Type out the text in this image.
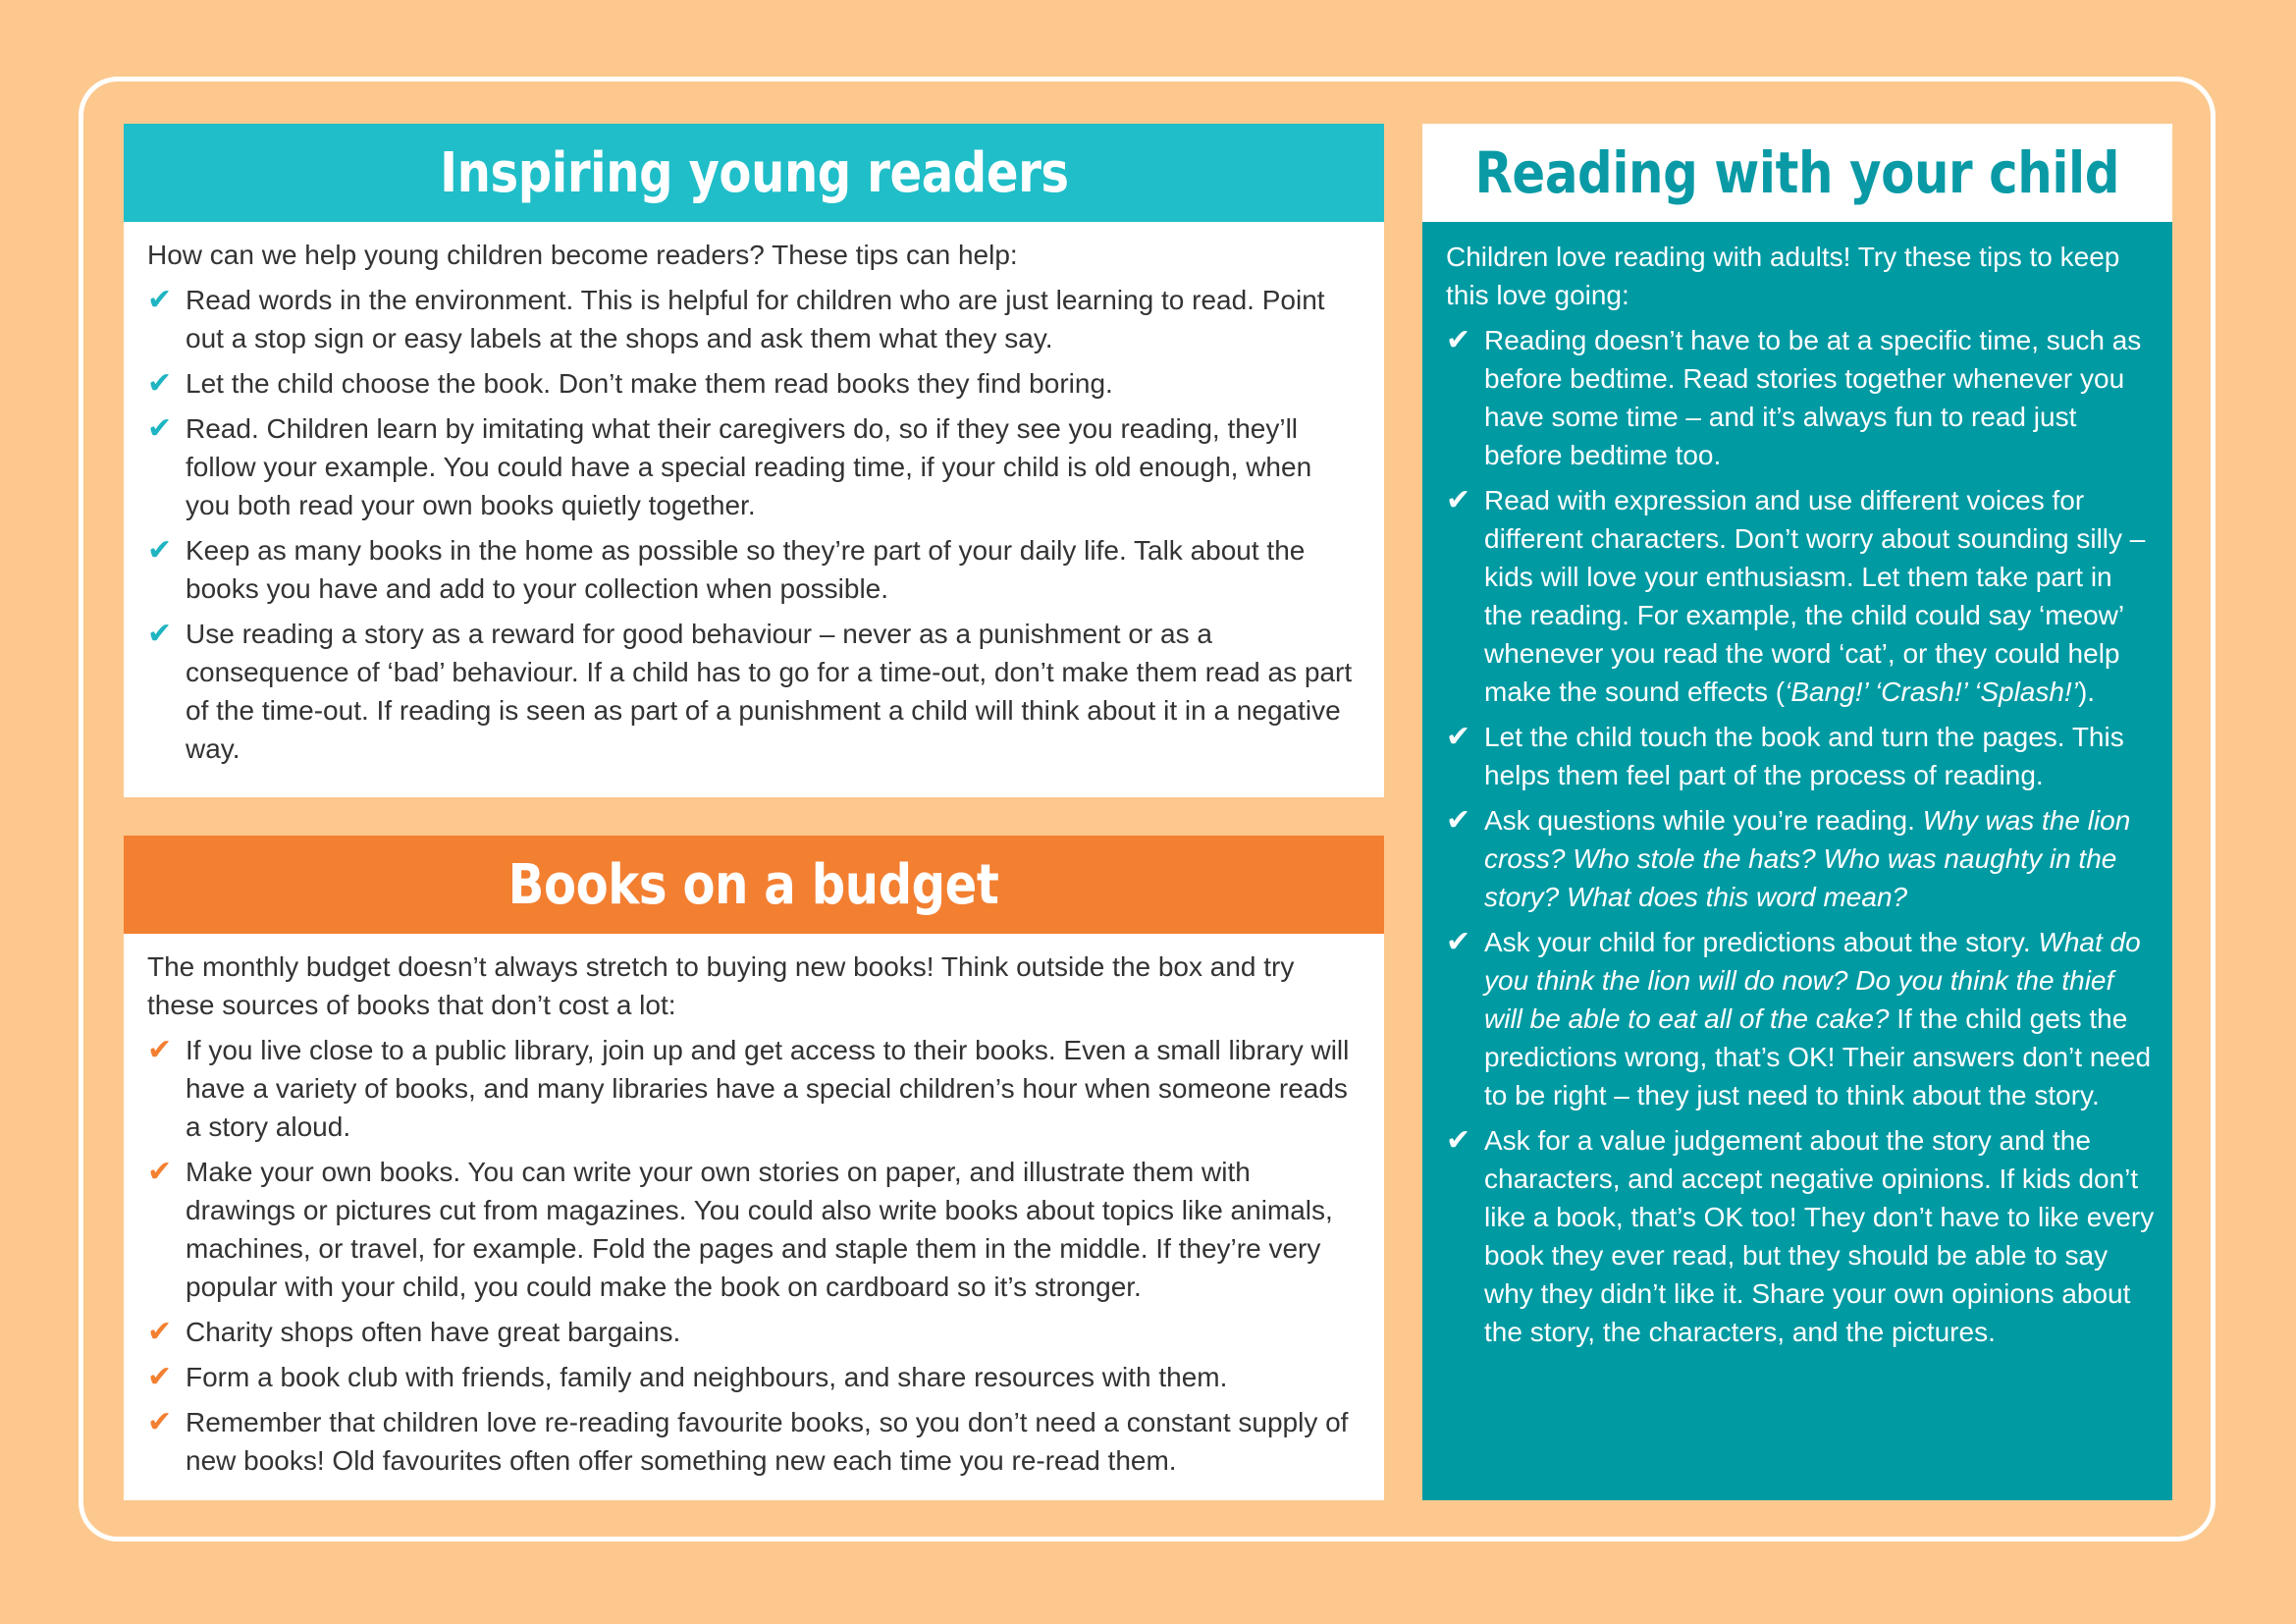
Inspiring young readers

How can we help young children become readers? These tips can help:

✔ Read words in the environment. This is helpful for children who are just learning to read. Point out a stop sign or easy labels at the shops and ask them what they say.
✔ Let the child choose the book. Don’t make them read books they find boring.
✔ Read. Children learn by imitating what their caregivers do, so if they see you reading, they’ll follow your example. You could have a special reading time, if your child is old enough, when you both read your own books quietly together.
✔ Keep as many books in the home as possible so they’re part of your daily life. Talk about the books you have and add to your collection when possible.
✔ Use reading a story as a reward for good behaviour – never as a punishment or as a consequence of ‘bad’ behaviour. If a child has to go for a time-out, don’t make them read as part of the time-out. If reading is seen as part of a punishment a child will think about it in a negative way.
Books on a budget

The monthly budget doesn’t always stretch to buying new books! Think outside the box and try these sources of books that don’t cost a lot:

✔ If you live close to a public library, join up and get access to their books. Even a small library will have a variety of books, and many libraries have a special children’s hour when someone reads a story aloud.
✔ Make your own books. You can write your own stories on paper, and illustrate them with drawings or pictures cut from magazines. You could also write books about topics like animals, machines, or travel, for example. Fold the pages and staple them in the middle. If they’re very popular with your child, you could make the book on cardboard so it’s stronger.
✔ Charity shops often have great bargains.
✔ Form a book club with friends, family and neighbours, and share resources with them.
✔ Remember that children love re-reading favourite books, so you don’t need a constant supply of new books! Old favourites often offer something new each time you re-read them.
Reading with your child

Children love reading with adults! Try these tips to keep this love going:

✔ Reading doesn’t have to be at a specific time, such as before bedtime. Read stories together whenever you have some time – and it’s always fun to read just before bedtime too.
✔ Read with expression and use different voices for different characters. Don’t worry about sounding silly – kids will love your enthusiasm. Let them take part in the reading. For example, the child could say ‘meow’ whenever you read the word ‘cat’, or they could help make the sound effects (‘Bang!’ ‘Crash!’ ‘Splash!’).
✔ Let the child touch the book and turn the pages. This helps them feel part of the process of reading.
✔ Ask questions while you’re reading. Why was the lion cross? Who stole the hats? Who was naughty in the story? What does this word mean?
✔ Ask your child for predictions about the story. What do you think the lion will do now? Do you think the thief will be able to eat all of the cake? If the child gets the predictions wrong, that’s OK! Their answers don’t need to be right – they just need to think about the story.
✔ Ask for a value judgement about the story and the characters, and accept negative opinions. If kids don’t like a book, that’s OK too! They don’t have to like every book they ever read, but they should be able to say why they didn’t like it. Share your own opinions about the story, the characters, and the pictures.
